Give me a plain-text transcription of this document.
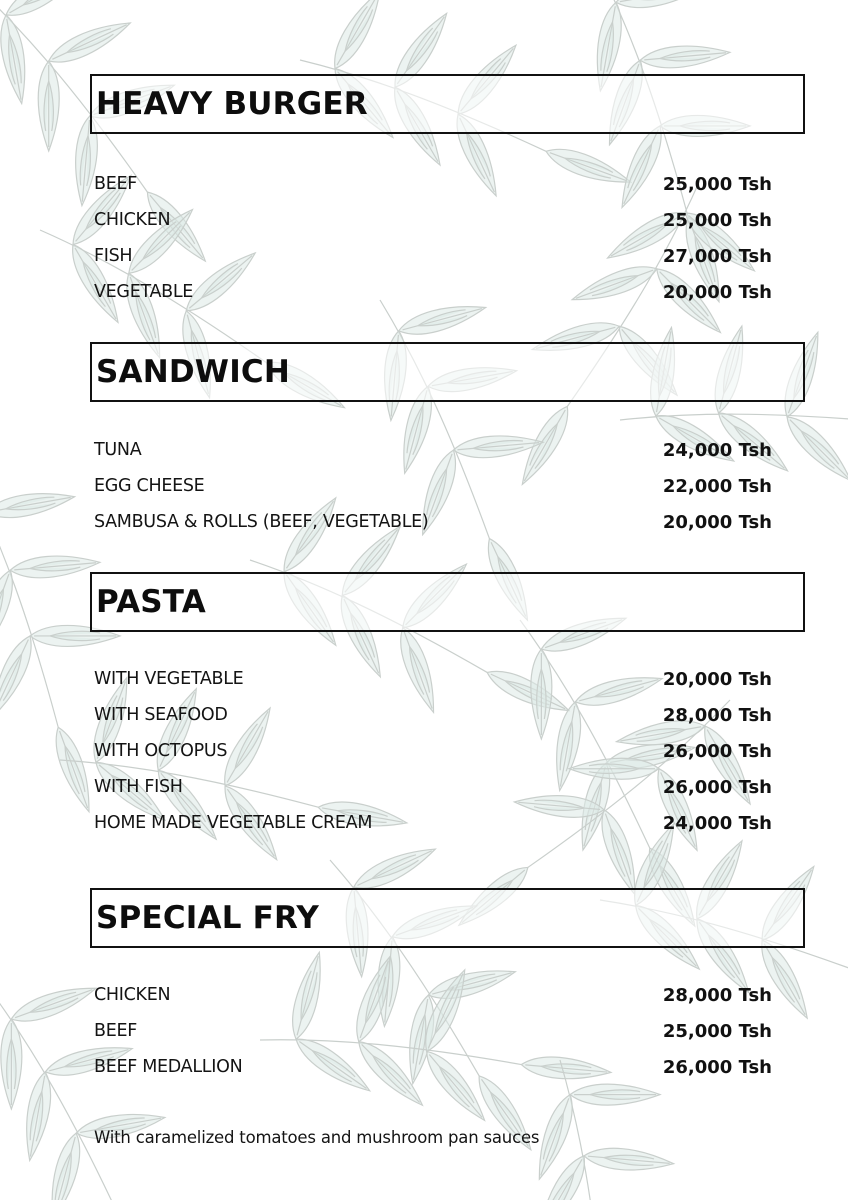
HEAVY BURGER
BEEF	25,000 Tsh
CHICKEN	25,000 Tsh
FISH	27,000 Tsh
VEGETABLE	20,000 Tsh
SANDWICH
TUNA	24,000 Tsh
EGG CHEESE	22,000 Tsh
SAMBUSA & ROLLS (BEEF, VEGETABLE)	20,000 Tsh
PASTA
WITH VEGETABLE	20,000 Tsh
WITH SEAFOOD	28,000 Tsh
WITH OCTOPUS	26,000 Tsh
WITH FISH	26,000 Tsh
HOME MADE VEGETABLE CREAM	24,000 Tsh
SPECIAL FRY
CHICKEN	28,000 Tsh
BEEF	25,000 Tsh
BEEF MEDALLION	26,000 Tsh
With caramelized tomatoes and mushroom pan sauces
